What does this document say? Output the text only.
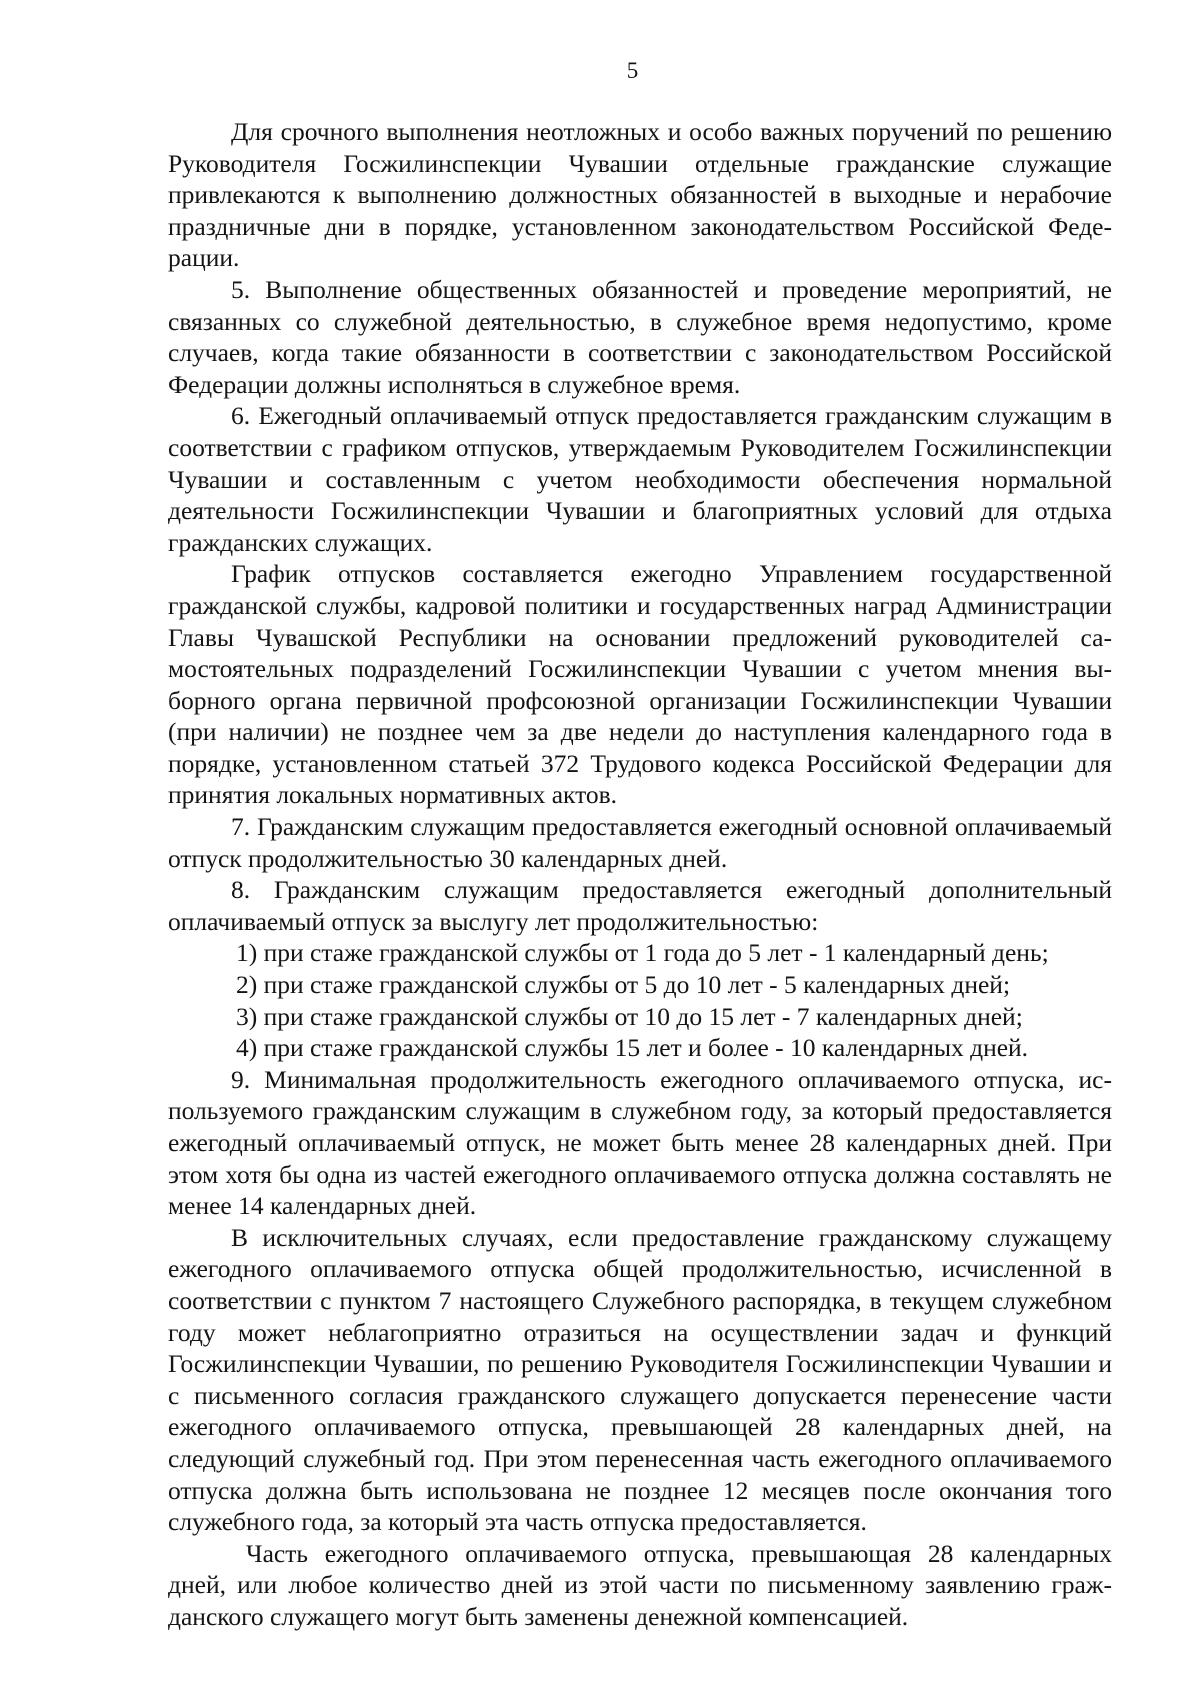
5

Для срочного выполнения неотложных и особо важных поручений по решению Руководителя Госжилинспекции Чувашии отдельные гражданские служащие привлекаются к выполнению должностных обязанностей в выходные и нерабочие праздничные дни в порядке, установленном законодательством Российской Федерации.

5. Выполнение общественных обязанностей и проведение мероприятий, не связанных со служебной деятельностью, в служебное время недопустимо, кроме случаев, когда такие обязанности в соответствии с законодательством Российской Федерации должны исполняться в служебное время.

6. Ежегодный оплачиваемый отпуск предоставляется гражданским служащим в соответствии с графиком отпусков, утверждаемым Руководителем Госжилинспекции Чувашии и составленным с учетом необходимости обеспечения нормальной деятельности Госжилинспекции Чувашии и благоприятных условий для отдыха гражданских служащих.

График отпусков составляется ежегодно Управлением государственной гражданской службы, кадровой политики и государственных наград Администрации Главы Чувашской Республики на основании предложений руководителей самостоятельных подразделений Госжилинспекции Чувашии с учетом мнения выборного органа первичной профсоюзной организации Госжилинспекции Чувашии (при наличии) не позднее чем за две недели до наступления календарного года в порядке, установленном статьей 372 Трудового кодекса Российской Федерации для принятия локальных нормативных актов.

7. Гражданским служащим предоставляется ежегодный основной оплачиваемый отпуск продолжительностью 30 календарных дней.

8. Гражданским служащим предоставляется ежегодный дополнительный оплачиваемый отпуск за выслугу лет продолжительностью:

1) при стаже гражданской службы от 1 года до 5 лет - 1 календарный день;
2) при стаже гражданской службы от 5 до 10 лет - 5 календарных дней;
3) при стаже гражданской службы от 10 до 15 лет - 7 календарных дней;
4) при стаже гражданской службы 15 лет и более - 10 календарных дней.

9. Минимальная продолжительность ежегодного оплачиваемого отпуска, используемого гражданским служащим в служебном году, за который предоставляется ежегодный оплачиваемый отпуск, не может быть менее 28 календарных дней. При этом хотя бы одна из частей ежегодного оплачиваемого отпуска должна составлять не менее 14 календарных дней.

В исключительных случаях, если предоставление гражданскому служащему ежегодного оплачиваемого отпуска общей продолжительностью, исчисленной в соответствии с пунктом 7 настоящего Служебного распорядка, в текущем служебном году может неблагоприятно отразиться на осуществлении задач и функций Госжилинспекции Чувашии, по решению Руководителя Госжилинспекции Чувашии и с письменного согласия гражданского служащего допускается перенесение части ежегодного оплачиваемого отпуска, превышающей 28 календарных дней, на следующий служебный год. При этом перенесенная часть ежегодного оплачиваемого отпуска должна быть использована не позднее 12 месяцев после окончания того служебного года, за который эта часть отпуска предоставляется.

Часть ежегодного оплачиваемого отпуска, превышающая 28 календарных дней, или любое количество дней из этой части по письменному заявлению гражданского служащего могут быть заменены денежной компенсацией.
